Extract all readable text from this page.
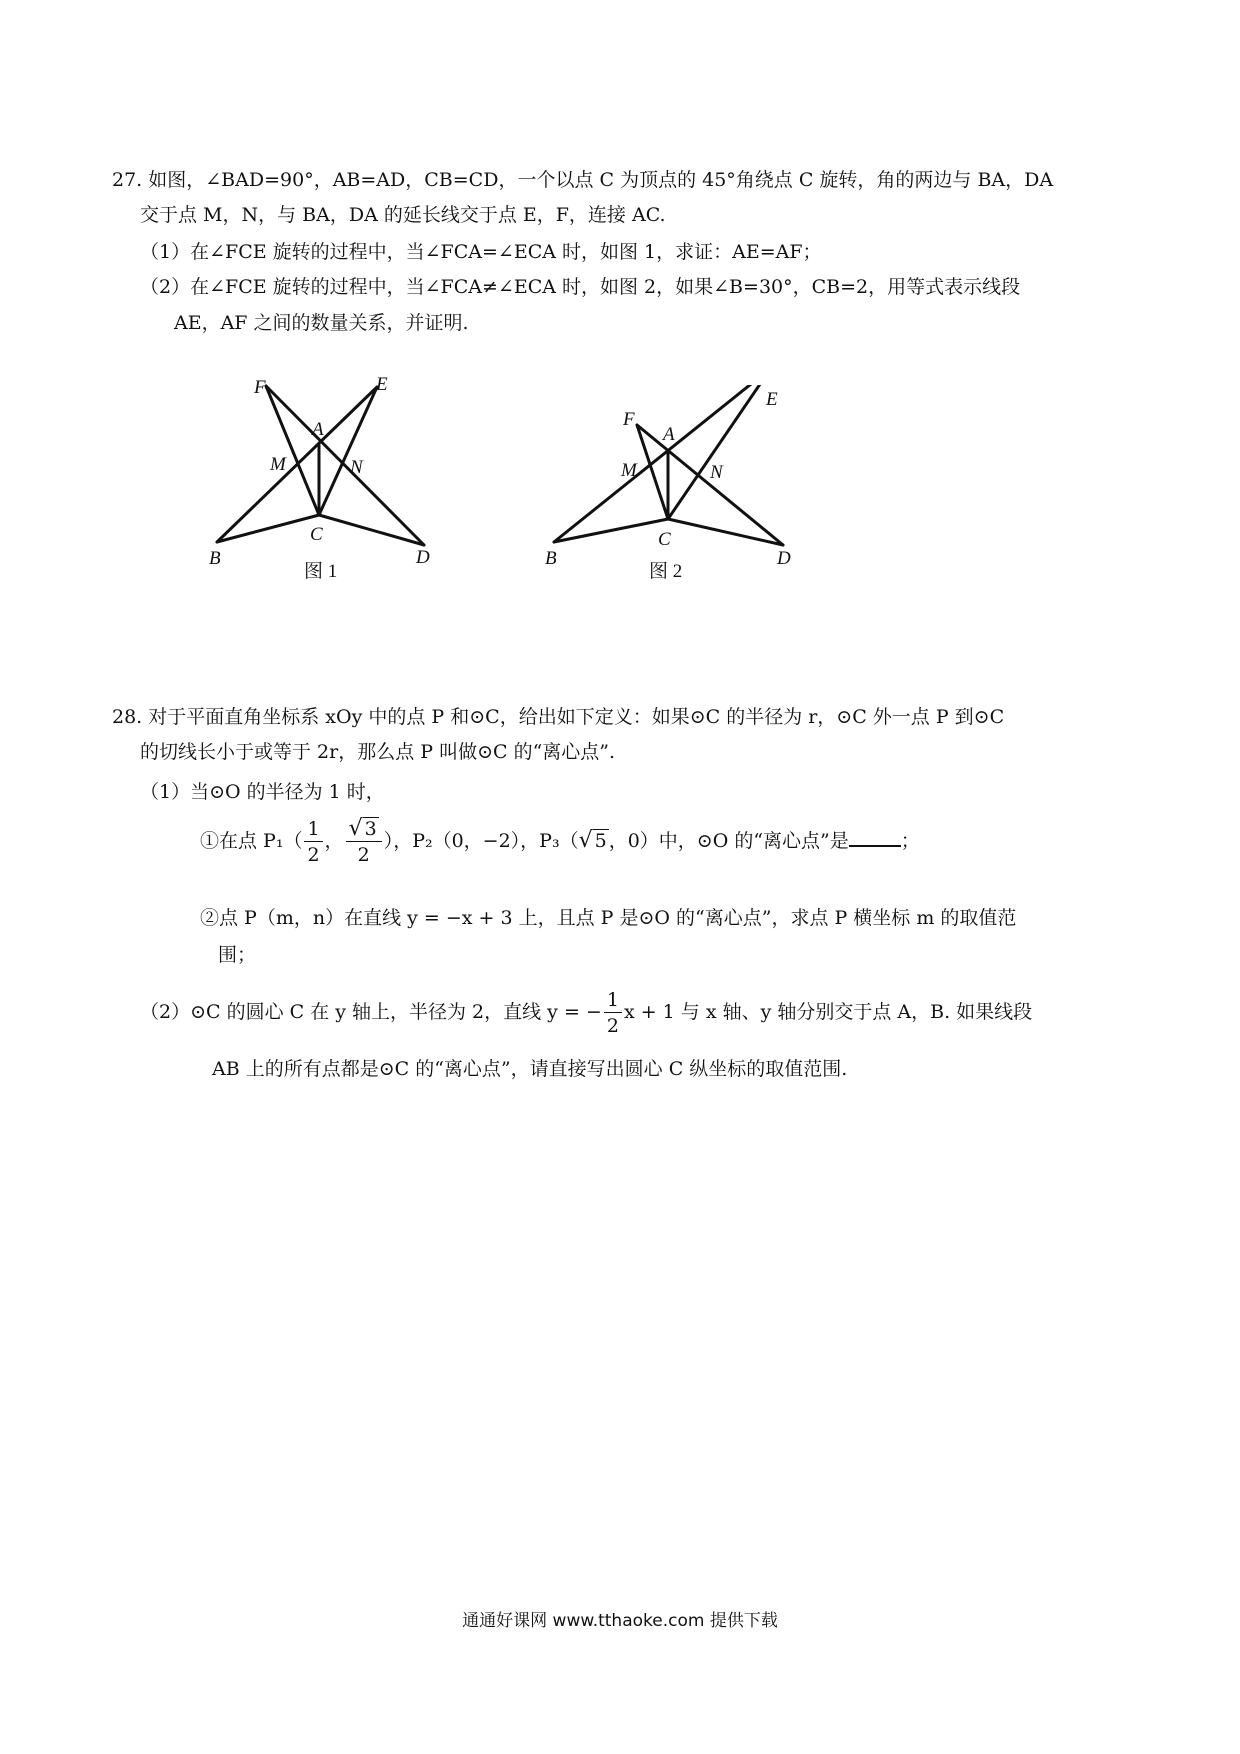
27. 如图，∠BAD=90°，AB=AD，CB=CD，一个以点 C 为顶点的 45°角绕点 C 旋转，角的两边与 BA，DA
交于点 M，N，与 BA，DA 的延长线交于点 E，F，连接 AC.
（1）在∠FCE 旋转的过程中，当∠FCA=∠ECA 时，如图 1，求证：AE=AF；
（2）在∠FCE 旋转的过程中，当∠FCA≠∠ECA 时，如图 2，如果∠B=30°，CB=2，用等式表示线段
AE，AF 之间的数量关系，并证明.
F	E
A
M	N
C
B	D
图 1
F
A
M	N
C
B	D
图 2
E
28. 对于平面直角坐标系 xOy 中的点 P 和⊙C，给出如下定义：如果⊙C 的半径为 r，⊙C 外一点 P 到⊙C
的切线长小于或等于 2r，那么点 P 叫做⊙C 的“离心点”.
（1）当⊙O 的半径为 1 时，
①在点 $P_1( \frac{1}{2}$ ， $\frac{√ 3}{2}$ ），P₂（0，−2），P₃（√ 5 ，0）中，⊙O 的“离心点”是	；
②点 P（m，n）在直线 y = −x + 3 上，且点 P 是⊙O 的“离心点”，求点 P 横坐标 m 的取值范
围；
（2）⊙C 的圆心 C 在 y 轴上，半径为 2，直线 y = − $\frac{1}{2}$ x + 1 与 x 轴、y 轴分别交于点 A，B. 如果线段
AB 上的所有点都是⊙C 的“离心点”，请直接写出圆心 C 纵坐标的取值范围.
通通好课网 www.tthaoke.com 提供下载
